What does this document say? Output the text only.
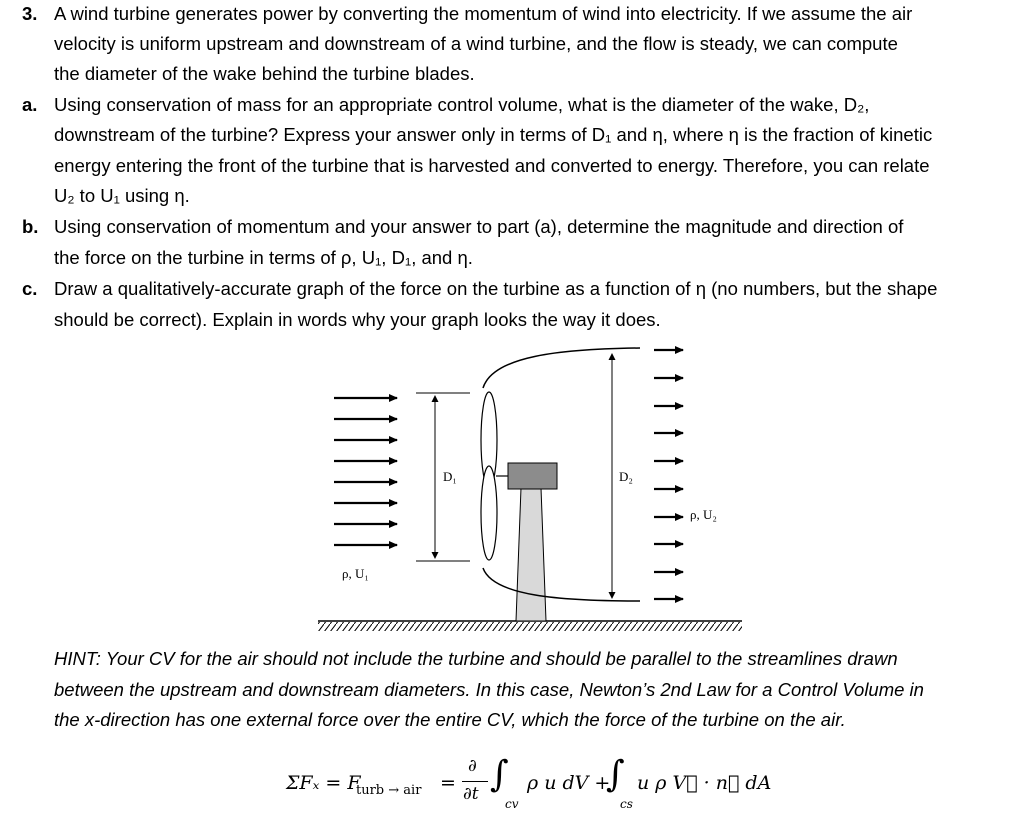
3. A wind turbine generates power by converting the momentum of wind into electricity. If we assume the air
velocity is uniform upstream and downstream of a wind turbine, and the flow is steady, we can compute
the diameter of the wake behind the turbine blades.
a. Using conservation of mass for an appropriate control volume, what is the diameter of the wake, D₂,
downstream of the turbine? Express your answer only in terms of D₁ and η, where η is the fraction of kinetic
energy entering the front of the turbine that is harvested and converted to energy. Therefore, you can relate
U₂ to U₁ using η.
b. Using conservation of momentum and your answer to part (a), determine the magnitude and direction of
the force on the turbine in terms of ρ, U₁, D₁, and η.
c. Draw a qualitatively-accurate graph of the force on the turbine as a function of η (no numbers, but the shape
should be correct). Explain in words why your graph looks the way it does.
D₁	D₂
ρ, U₁
ρ, U₂
HINT: Your CV for the air should not include the turbine and should be parallel to the streamlines drawn
between the upstream and downstream diameters. In this case, Newton’s 2nd Law for a Control Volume in
the x-direction has one external force over the entire CV, which the force of the turbine on the air.
ΣFₓ = F
turb → air =
∂
∂t ∫
cv
ρ u dV +
∫
cs
u ρ V⃗ · n⃗ dA
